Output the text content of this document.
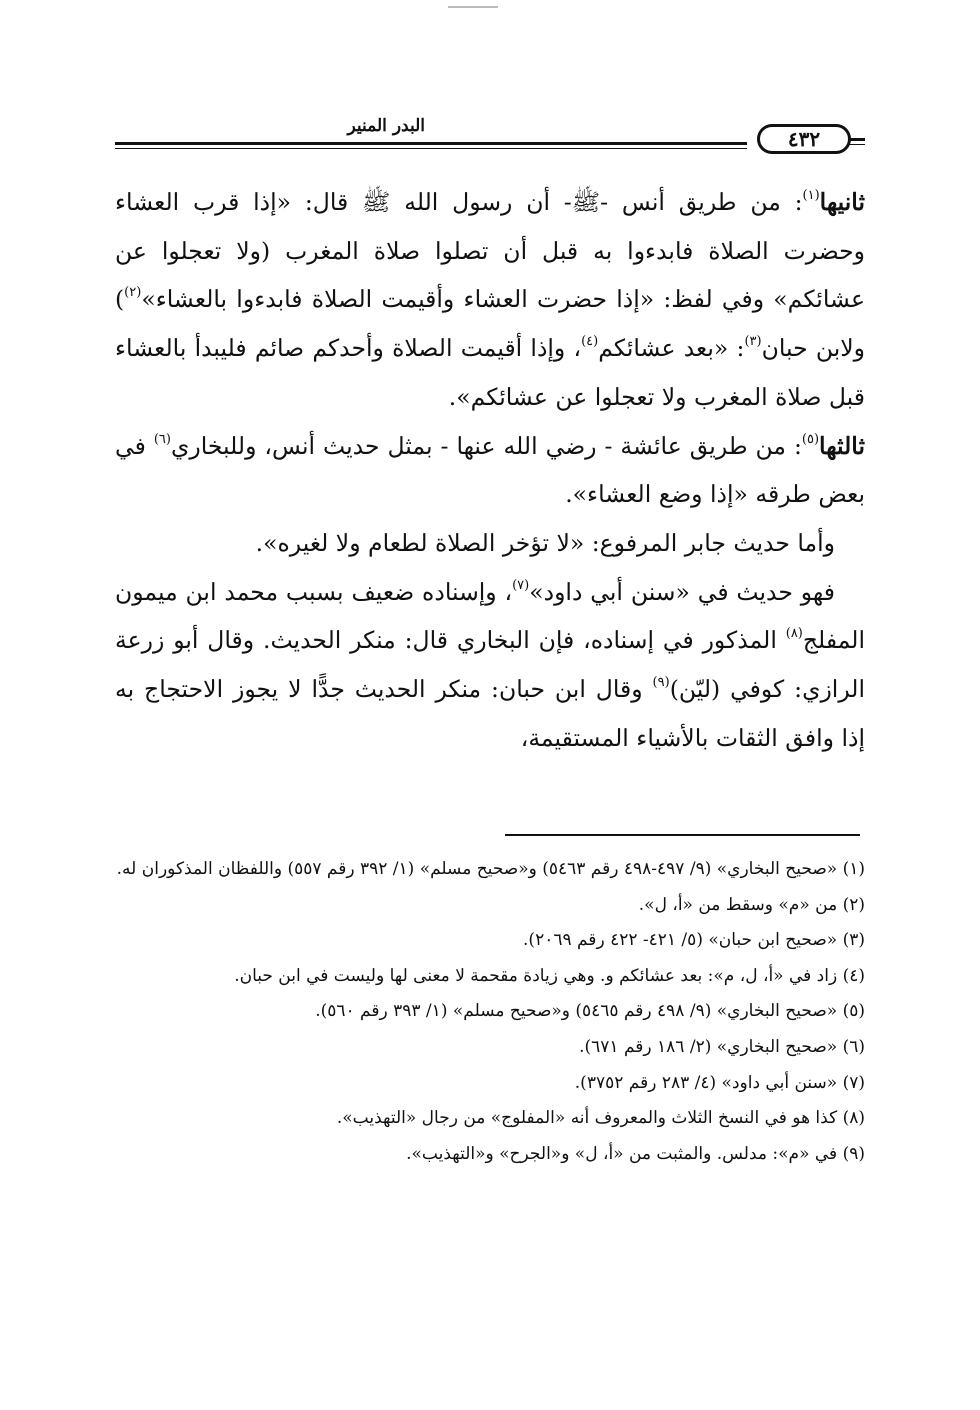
البدر المنير
٤٣٢

ثانيها$^{(١)}$: من طريق أنس -ﷺ- أن رسول الله ﷺ قال: «إذا قرب العشاء وحضرت الصلاة فابدءوا به قبل أن تصلوا صلاة المغرب (ولا تعجلوا عن عشائكم» وفي لفظ: «إذا حضرت العشاء وأقيمت الصلاة فابدءوا بالعشاء»$^{(٢)}$) ولابن حبان$^{(٣)}$: «بعد عشائكم$^{(٤)}$، وإذا أقيمت الصلاة وأحدكم صائم فليبدأ بالعشاء قبل صلاة المغرب ولا تعجلوا عن عشائكم».

ثالثها$^{(٥)}$: من طريق عائشة - رضي الله عنها - بمثل حديث أنس، وللبخاري$^{(٦)}$ في بعض طرقه «إذا وضع العشاء».

وأما حديث جابر المرفوع: «لا تؤخر الصلاة لطعام ولا لغيره».

فهو حديث في «سنن أبي داود»$^{(٧)}$، وإسناده ضعيف بسبب محمد ابن ميمون المفلج$^{(٨)}$ المذكور في إسناده، فإن البخاري قال: منكر الحديث. وقال أبو زرعة الرازي: كوفي (ليّن)$^{(٩)}$ وقال ابن حبان: منكر الحديث جدًّا لا يجوز الاحتجاج به إذا وافق الثقات بالأشياء المستقيمة،

(١) «صحيح البخاري» (٩/ ٤٩٧-٤٩٨ رقم ٥٤٦٣) و«صحيح مسلم» (١/ ٣٩٢ رقم ٥٥٧) واللفظان المذكوران له.

(٢) من «م» وسقط من «أ، ل».

(٣) «صحيح ابن حبان» (٥/ ٤٢١- ٤٢٢ رقم ٢٠٦٩).

(٤) زاد في «أ، ل، م»: بعد عشائكم و. وهي زيادة مقحمة لا معنى لها وليست في ابن حبان.

(٥) «صحيح البخاري» (٩/ ٤٩٨ رقم ٥٤٦٥) و«صحيح مسلم» (١/ ٣٩٣ رقم ٥٦٠).

(٦) «صحيح البخاري» (٢/ ١٨٦ رقم ٦٧١).

(٧) «سنن أبي داود» (٤/ ٢٨٣ رقم ٣٧٥٢).

(٨) كذا هو في النسخ الثلاث والمعروف أنه «المفلوج» من رجال «التهذيب».

(٩) في «م»: مدلس. والمثبت من «أ، ل» و«الجرح» و«التهذيب».
